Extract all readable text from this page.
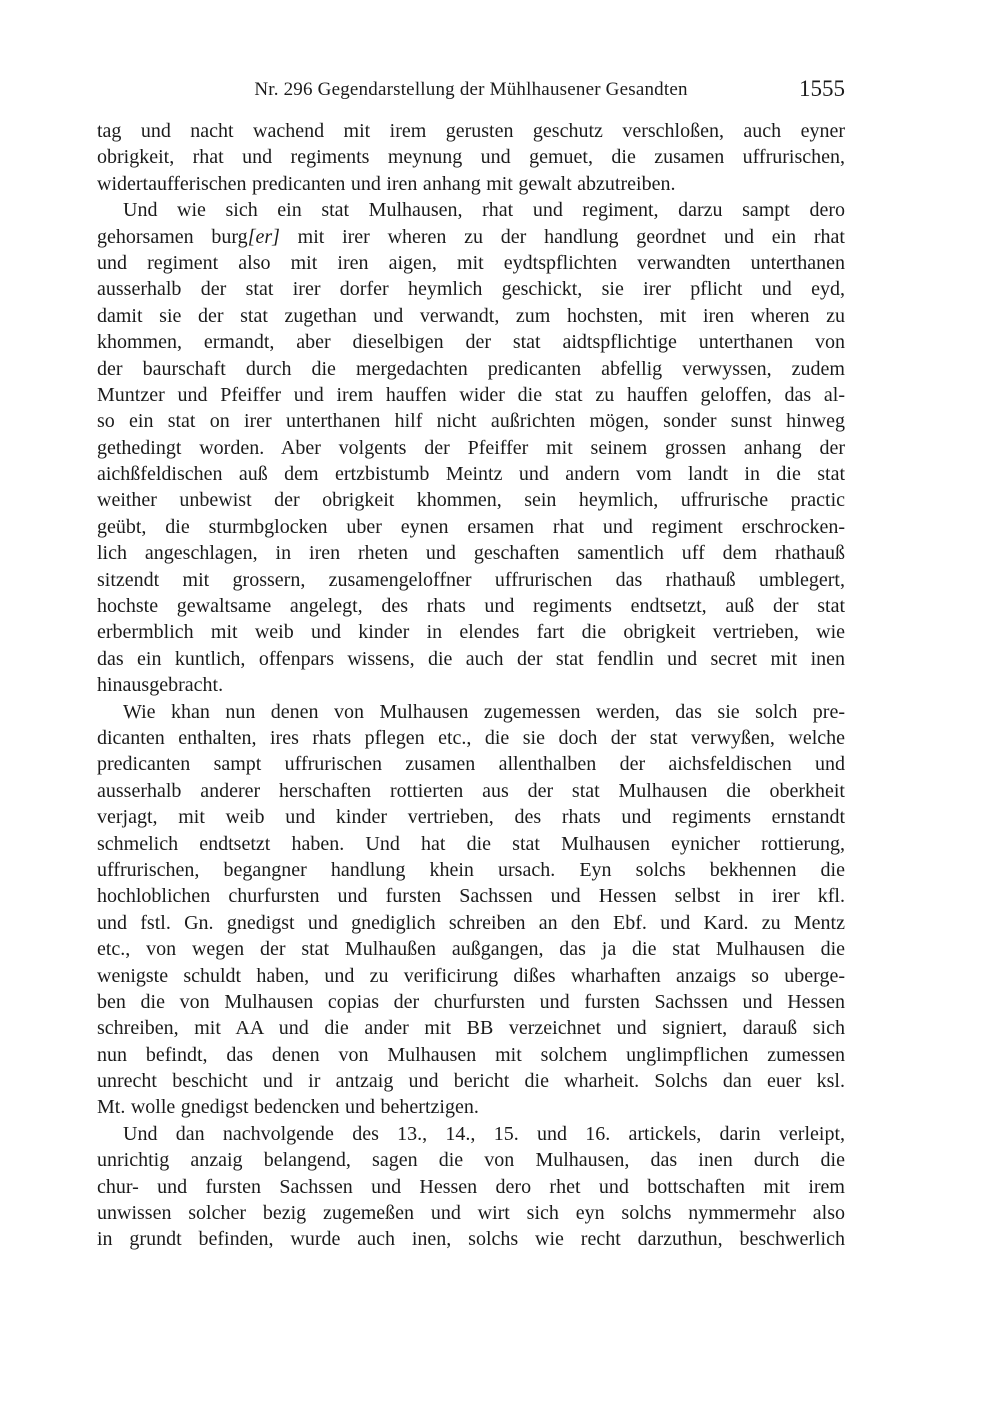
Nr. 296 Gegendarstellung der Mühlhausener Gesandten	1555
tag und nacht wachend mit irem gerusten geschutz verschloßen, auch eyner
obrigkeit, rhat und regiments meynung und gemuet, die zusamen uffrurischen,
widertaufferischen predicanten und iren anhang mit gewalt abzutreiben.
Und wie sich ein stat Mulhausen, rhat und regiment, darzu sampt dero
gehorsamen burg[er] mit irer wheren zu der handlung geordnet und ein rhat
und regiment also mit iren aigen, mit eydtspflichten verwandten unterthanen
ausserhalb der stat irer dorfer heymlich geschickt, sie irer pflicht und eyd,
damit sie der stat zugethan und verwandt, zum hochsten, mit iren wheren zu
khommen, ermandt, aber dieselbigen der stat aidtspflichtige unterthanen von
der baurschaft durch die mergedachten predicanten abfellig verwyssen, zudem
Muntzer und Pfeiffer und irem hauffen wider die stat zu hauffen geloffen, das al-
so ein stat on irer unterthanen hilf nicht außrichten mögen, sonder sunst hinweg
gethedingt worden. Aber volgents der Pfeiffer mit seinem grossen anhang der
aichßfeldischen auß dem ertzbistumb Meintz und andern vom landt in die stat
weither unbewist der obrigkeit khommen, sein heymlich, uffrurische practic
geübt, die sturmbglocken uber eynen ersamen rhat und regiment erschrocken-
lich angeschlagen, in iren rheten und geschaften samentlich uff dem rhathauß
sitzendt mit grossern, zusamengeloffner uffrurischen das rhathauß umblegert,
hochste gewaltsame angelegt, des rhats und regiments endtsetzt, auß der stat
erbermblich mit weib und kinder in elendes fart die obrigkeit vertrieben, wie
das ein kuntlich, offenpars wissens, die auch der stat fendlin und secret mit inen
hinausgebracht.
Wie khan nun denen von Mulhausen zugemessen werden, das sie solch pre-
dicanten enthalten, ires rhats pflegen etc., die sie doch der stat verwyßen, welche
predicanten sampt uffrurischen zusamen allenthalben der aichsfeldischen und
ausserhalb anderer herschaften rottierten aus der stat Mulhausen die oberkheit
verjagt, mit weib und kinder vertrieben, des rhats und regiments ernstandt
schmelich endtsetzt haben. Und hat die stat Mulhausen eynicher rottierung,
uffrurischen, begangner handlung khein ursach. Eyn solchs bekhennen die
hochloblichen churfursten und fursten Sachssen und Hessen selbst in irer kfl.
und fstl. Gn. gnedigst und gnediglich schreiben an den Ebf. und Kard. zu Mentz
etc., von wegen der stat Mulhaußen außgangen, das ja die stat Mulhausen die
wenigste schuldt haben, und zu verificirung dißes wharhaften anzaigs so uberge-
ben die von Mulhausen copias der churfursten und fursten Sachssen und Hessen
schreiben, mit AA und die ander mit BB verzeichnet und signiert, darauß sich
nun befindt, das denen von Mulhausen mit solchem unglimpflichen zumessen
unrecht beschicht und ir antzaig und bericht die wharheit. Solchs dan euer ksl.
Mt. wolle gnedigst bedencken und behertzigen.
Und dan nachvolgende des 13., 14., 15. und 16. artickels, darin verleipt,
unrichtig anzaig belangend, sagen die von Mulhausen, das inen durch die
chur- und fursten Sachssen und Hessen dero rhet und bottschaften mit irem
unwissen solcher bezig zugemeßen und wirt sich eyn solchs nymmermehr also
in grundt befinden, wurde auch inen, solchs wie recht darzuthun, beschwerlich
